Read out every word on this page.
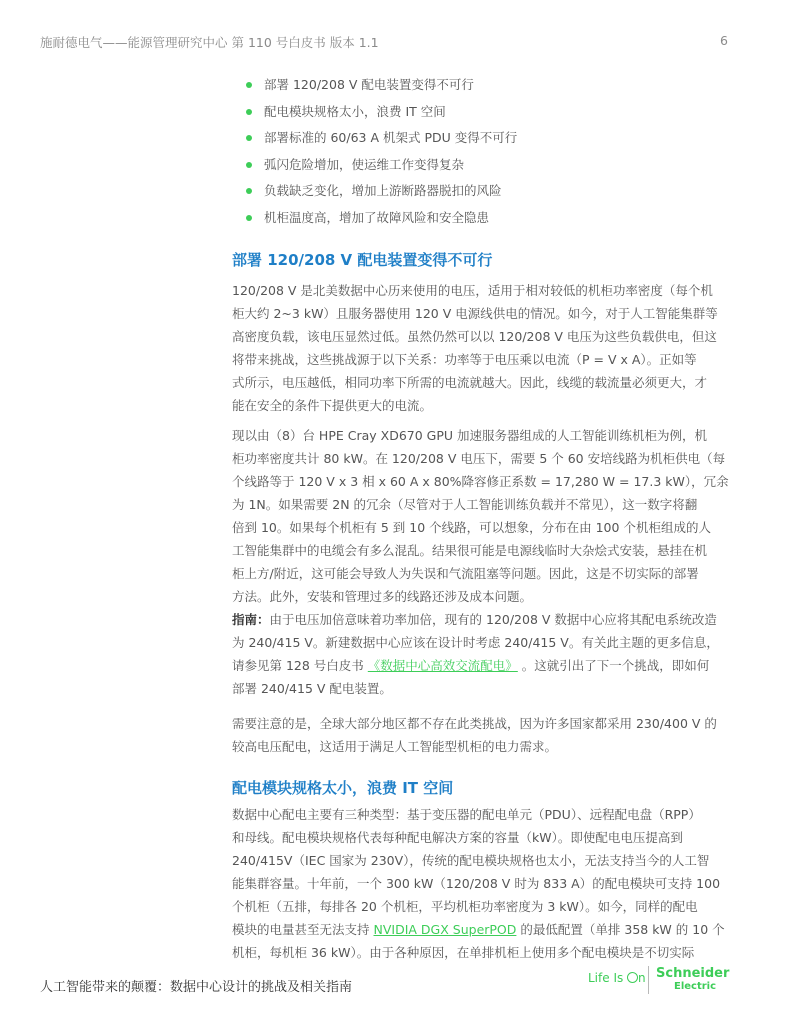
施耐德电气——能源管理研究中心 第 110 号白皮书 版本 1.1	6
部署 120/208 V 配电装置变得不可行
配电模块规格太小，浪费 IT 空间
部署标准的 60/63 A 机架式 PDU 变得不可行
弧闪危险增加，使运维工作变得复杂
负载缺乏变化，增加上游断路器脱扣的风险
机柜温度高，增加了故障风险和安全隐患
部署 120/208 V 配电装置变得不可行

120/208 V 是北美数据中心历来使用的电压，适用于相对较低的机柜功率密度（每个机
柜大约 2~3 kW）且服务器使用 120 V 电源线供电的情况。如今，对于人工智能集群等
高密度负载，该电压显然过低。虽然仍然可以以 120/208 V 电压为这些负载供电，但这
将带来挑战，这些挑战源于以下关系：功率等于电压乘以电流（P = V x A）。正如等
式所示，电压越低，相同功率下所需的电流就越大。因此，线缆的载流量必须更大，才
能在安全的条件下提供更大的电流。

现以由（8）台 HPE Cray XD670 GPU 加速服务器组成的人工智能训练机柜为例，机
柜功率密度共计 80 kW。在 120/208 V 电压下，需要 5 个 60 安培线路为机柜供电（每
个线路等于 120 V x 3 相 x 60 A x 80%降容修正系数 = 17,280 W = 17.3 kW），冗余
为 1N。如果需要 2N 的冗余（尽管对于人工智能训练负载并不常见），这一数字将翻
倍到 10。如果每个机柜有 5 到 10 个线路，可以想象，分布在由 100 个机柜组成的人
工智能集群中的电缆会有多么混乱。结果很可能是电源线临时大杂烩式安装，悬挂在机
柜上方/附近，这可能会导致人为失误和气流阻塞等问题。因此，这是不切实际的部署
方法。此外，安装和管理过多的线路还涉及成本问题。

指南：由于电压加倍意味着功率加倍，现有的 120/208 V 数据中心应将其配电系统改造
为 240/415 V。新建数据中心应该在设计时考虑 240/415 V。有关此主题的更多信息，
请参见第 128 号白皮书 《数据中心高效交流配电》 。这就引出了下一个挑战，即如何
部署 240/415 V 配电装置。

需要注意的是，全球大部分地区都不存在此类挑战，因为许多国家都采用 230/400 V 的
较高电压配电，这适用于满足人工智能型机柜的电力需求。

配电模块规格太小，浪费 IT 空间

数据中心配电主要有三种类型：基于变压器的配电单元（PDU）、远程配电盘（RPP）
和母线。配电模块规格代表每种配电解决方案的容量（kW）。即使配电电压提高到
240/415V（IEC 国家为 230V），传统的配电模块规格也太小，无法支持当今的人工智
能集群容量。十年前，一个 300 kW（120/208 V 时为 833 A）的配电模块可支持 100
个机柜（五排，每排各 20 个机柜，平均机柜功率密度为 3 kW）。如今，同样的配电
模块的电量甚至无法支持 NVIDIA DGX SuperPOD 的最低配置（单排 358 kW 的 10 个
机柜，每机柜 36 kW）。由于各种原因，在单排机柜上使用多个配电模块是不切实际

人工智能带来的颠覆：数据中心设计的挑战及相关指南
Life Is n Schneider
Electric
